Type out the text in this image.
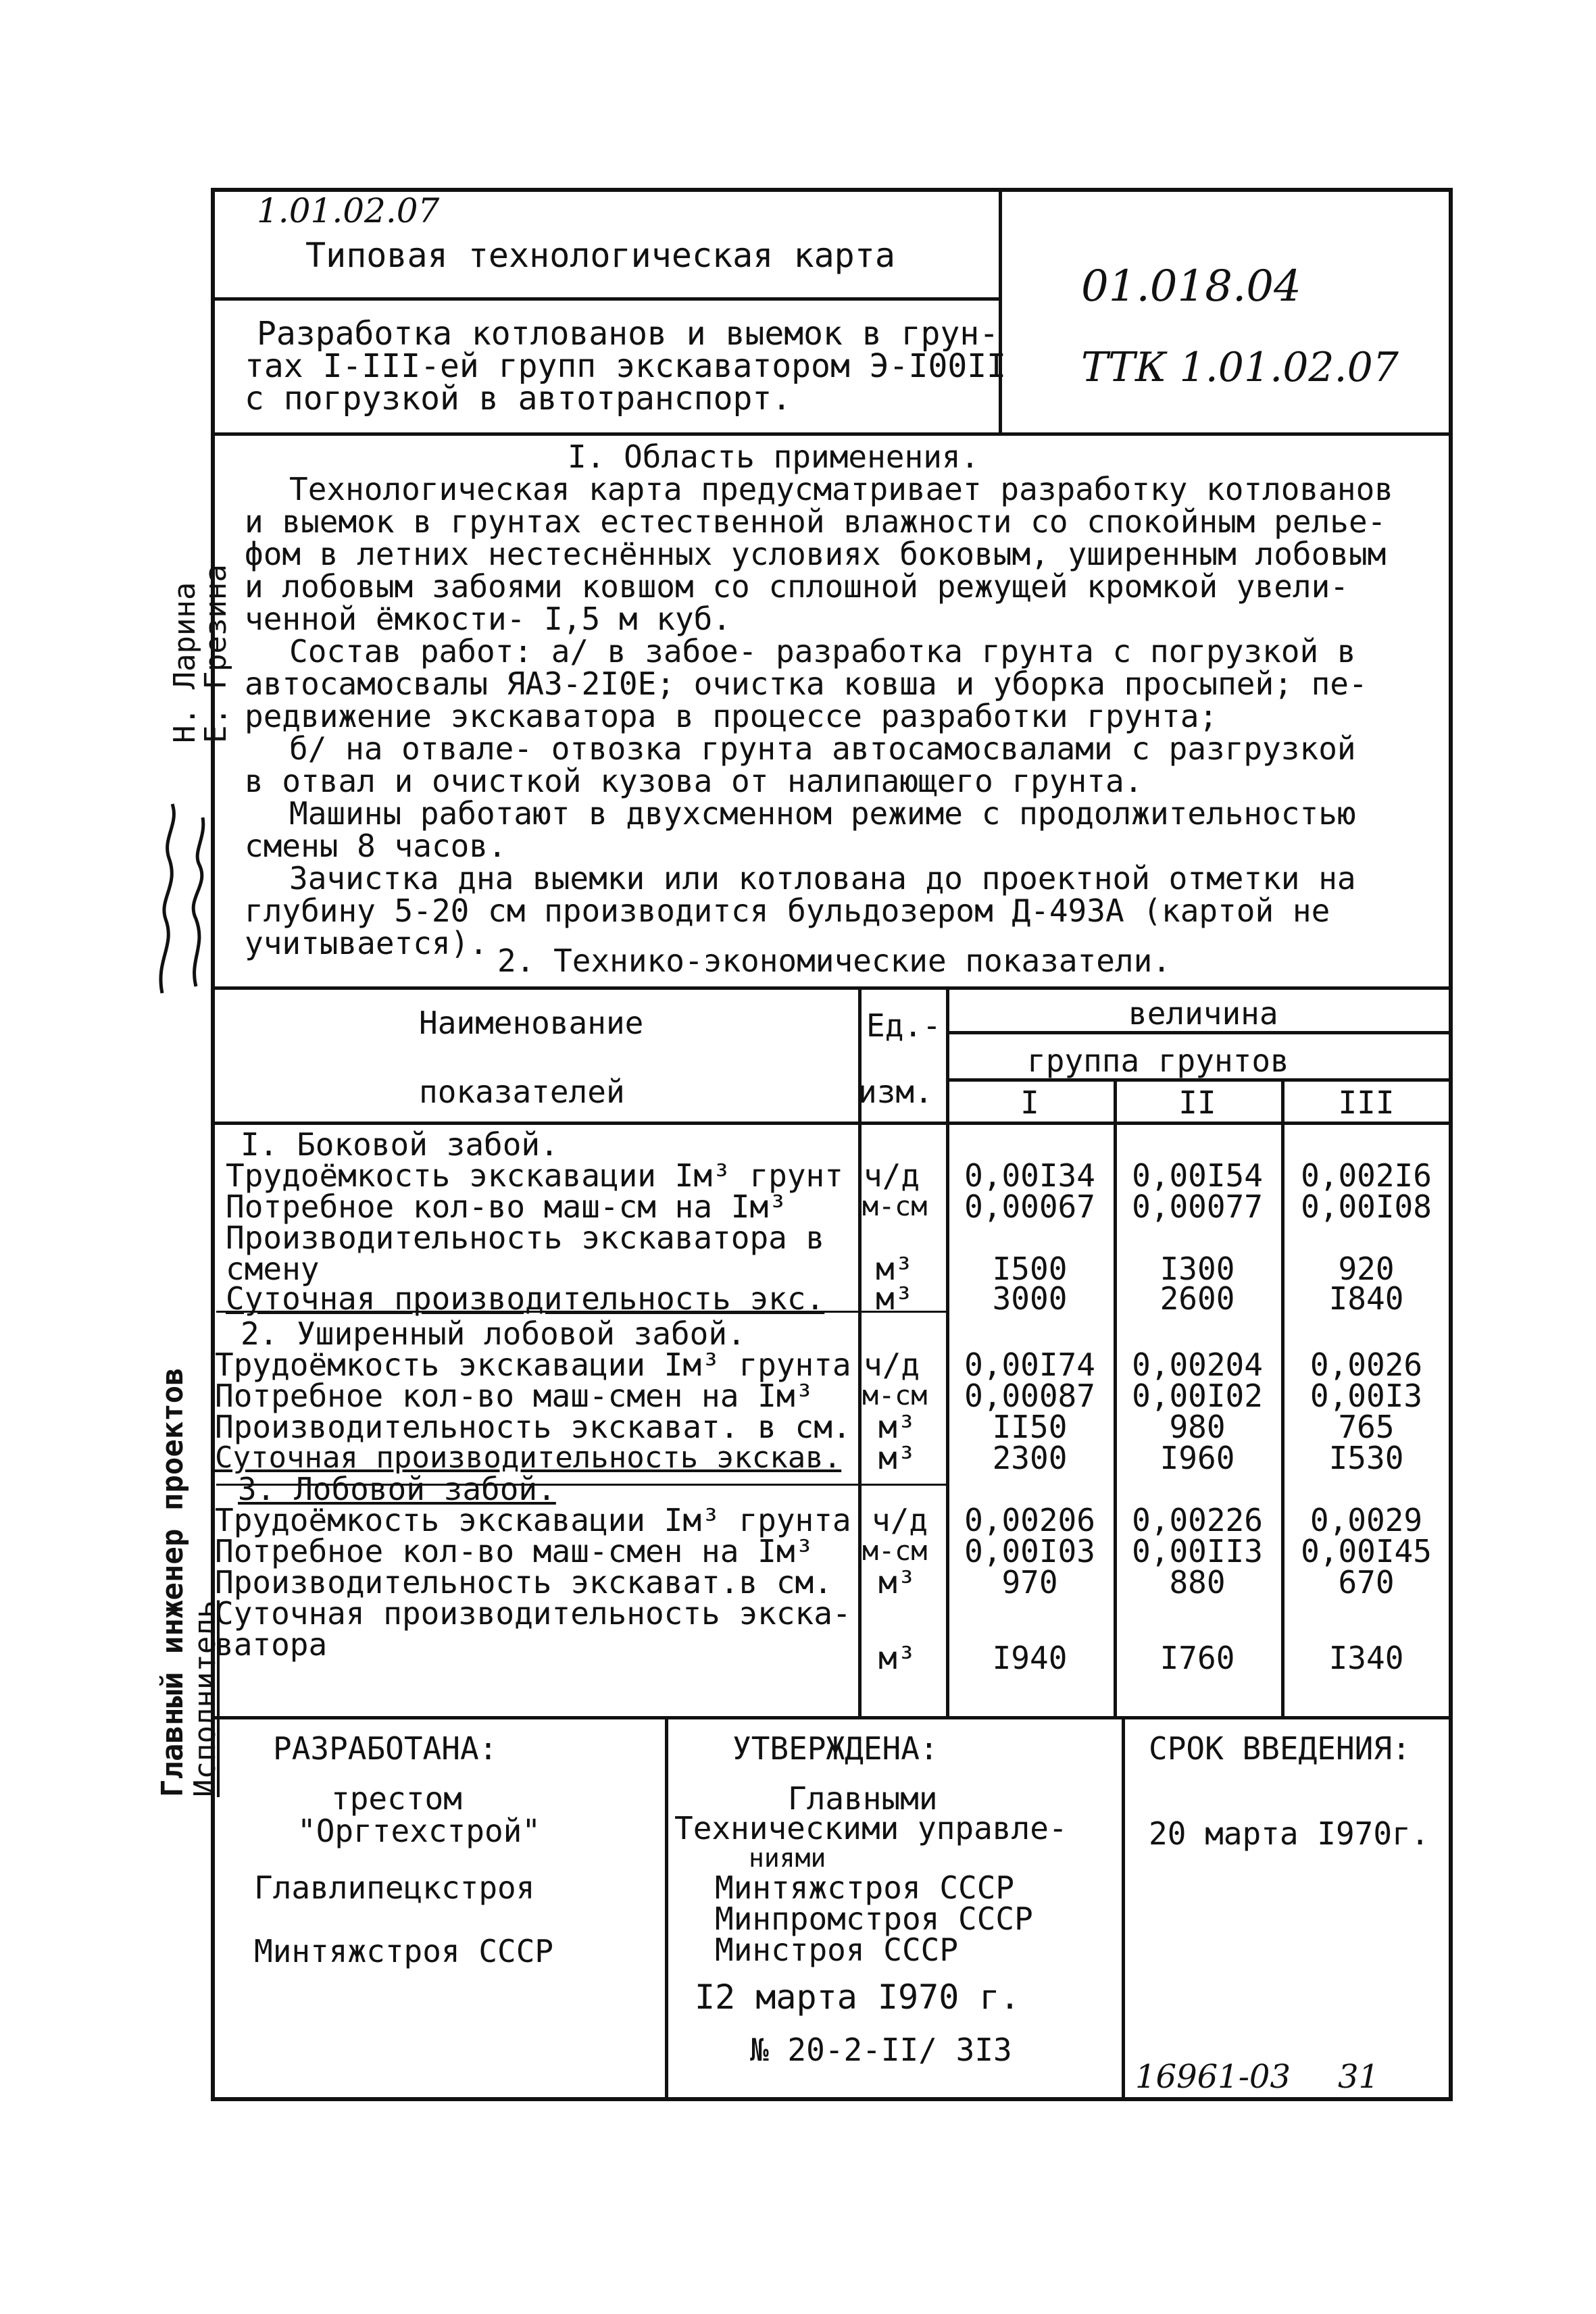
Главный инженер проектов
Исполнитель
Н. Ларина
Е. Грезина
1.01.02.07
Типовая технологическая карта
Разработка котлованов и выемок в грун-
тах I-III-ей групп экскаватором Э-I00II
с погрузкой в автотранспорт.
01.018.04
ТТК 1.01.02.07
I. Область применения.
Технологическая карта предусматривает разработку котлованов
и выемок в грунтах естественной влажности со спокойным релье-
фом в летних нестеснённых условиях боковым, уширенным лобовым
и лобовым забоями ковшом со сплошной режущей кромкой увели-
ченной ёмкости- I,5 м куб.
Состав работ: а/ в забое- разработка грунта с погрузкой в
автосамосвалы ЯАЗ-2I0Е; очистка ковша и уборка просыпей; пе-
редвижение экскаватора в процессе разработки грунта;
б/ на отвале- отвозка грунта автосамосвалами с разгрузкой
в отвал и очисткой кузова от налипающего грунта.
Машины работают в двухсменном режиме с продолжительностью
смены 8 часов.
Зачистка дна выемки или котлована до проектной отметки на
глубину 5-20 см производится бульдозером Д-493А (картой не
учитывается). 2. Технико-экономические показатели.
Наименование
показателей
Ед.-
изм.
величина
группа грунтов
I	II	III
I. Боковой забой.
Трудоёмкость экскавации Iм³ грунт ч/д	0,00I34	0,00I54	0,002I6
Потребное кол-во маш-см на Iм³	м-см	0,00067	0,00077	0,00I08
Производительность экскаватора в
смену	м³	I500	I300	920
Суточная производительность экс. м³	3000	2600	I840
2. Уширенный лобовой забой.
Трудоёмкость экскавации Iм³ грунта ч/д	0,00I74	0,00204	0,0026
Потребное кол-во маш-смен на Iм³ м-см	0,00087	0,00I02	0,00I3
Производительность экскават. в см. м³	II50	980	765
Суточная производительность экскав. м³	2300	I960	I530
3. Лобовой забой.
Трудоёмкость экскавации Iм³ грунта ч/д	0,00206	0,00226	0,0029
Потребное кол-во маш-смен на Iм³ м-см	0,00I03	0,00II3	0,00I45
Производительность экскават.в см. м³	970	880	670
Суточная производительность экска-
ватора	м³	I940	I760	I340
РАЗРАБОТАНА:
трестом
"Оргтехстрой"
Главлипецкстроя
Минтяжстроя СССР
УТВЕРЖДЕНА:
Главными
Техническими управле-
ниями
Минтяжстроя СССР
Минпромстроя СССР
Минстроя СССР
I2 марта I970 г.
№ 20-2-II/ 3I3
СРОК ВВЕДЕНИЯ:
20 марта I970г.
16961-03 31
